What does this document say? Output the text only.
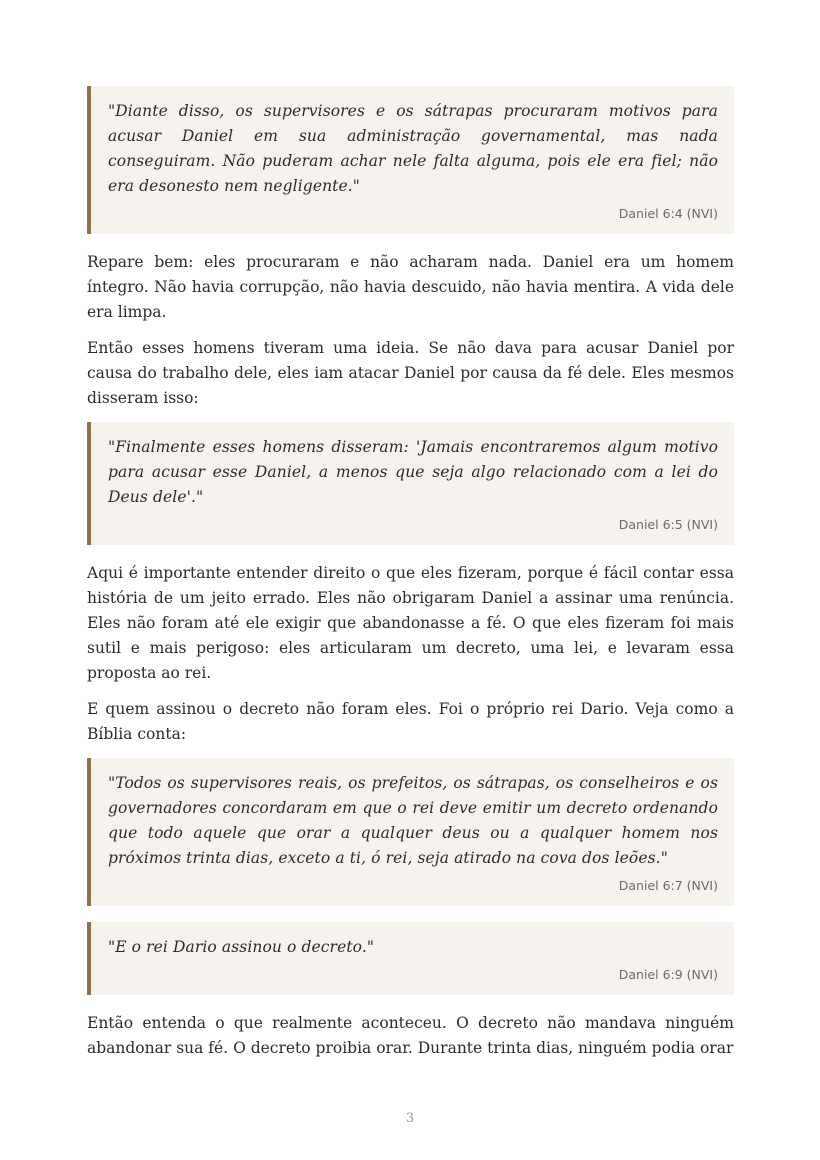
"Diante disso, os supervisores e os sátrapas procuraram motivos para acusar Daniel em sua administração governamental, mas nada conseguiram. Não puderam achar nele falta alguma, pois ele era fiel; não era desonesto nem negligente."

Daniel 6:4 (NVI)

Repare bem: eles procuraram e não acharam nada. Daniel era um homem íntegro. Não havia corrupção, não havia descuido, não havia mentira. A vida dele era limpa.

Então esses homens tiveram uma ideia. Se não dava para acusar Daniel por causa do trabalho dele, eles iam atacar Daniel por causa da fé dele. Eles mesmos disseram isso:

"Finalmente esses homens disseram: 'Jamais encontraremos algum motivo para acusar esse Daniel, a menos que seja algo relacionado com a lei do Deus dele'."

Daniel 6:5 (NVI)

Aqui é importante entender direito o que eles fizeram, porque é fácil contar essa história de um jeito errado. Eles não obrigaram Daniel a assinar uma renúncia. Eles não foram até ele exigir que abandonasse a fé. O que eles fizeram foi mais sutil e mais perigoso: eles articularam um decreto, uma lei, e levaram essa proposta ao rei.

E quem assinou o decreto não foram eles. Foi o próprio rei Dario. Veja como a Bíblia conta:

"Todos os supervisores reais, os prefeitos, os sátrapas, os conselheiros e os governadores concordaram em que o rei deve emitir um decreto ordenando que todo aquele que orar a qualquer deus ou a qualquer homem nos próximos trinta dias, exceto a ti, ó rei, seja atirado na cova dos leões."

Daniel 6:7 (NVI)

"E o rei Dario assinou o decreto."

Daniel 6:9 (NVI)

Então entenda o que realmente aconteceu. O decreto não mandava ninguém abandonar sua fé. O decreto proibia orar. Durante trinta dias, ninguém podia orar

3
